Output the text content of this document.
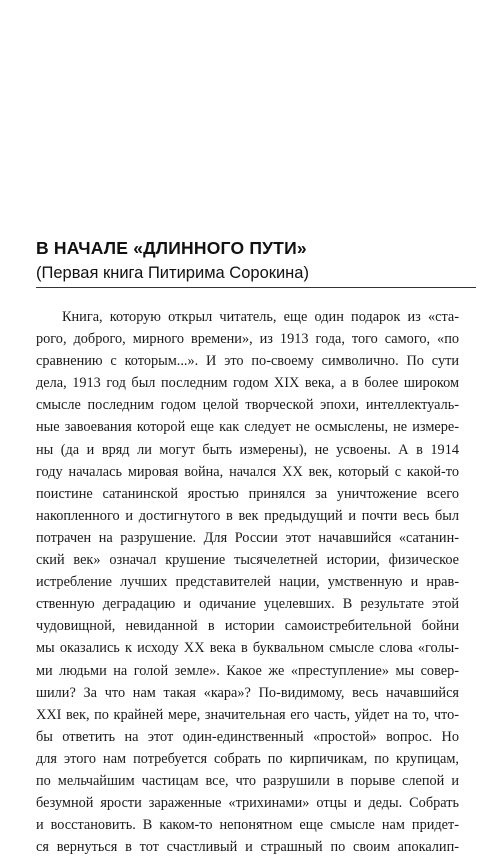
В НАЧАЛЕ «ДЛИННОГО ПУТИ»
(Первая книга Питирима Сорокина)
Книга, которую открыл читатель, еще один подарок из «ста-
рого, доброго, мирного времени», из 1913 года, того самого, «по
сравнению с которым...». И это по-своему символично. По сути
дела, 1913 год был последним годом XIX века, а в более широком
смысле последним годом целой творческой эпохи, интеллектуаль-
ные завоевания которой еще как следует не осмыслены, не измере-
ны (да и вряд ли могут быть измерены), не усвоены. А в 1914
году началась мировая война, начался XX век, который с какой-то
поистине сатанинской яростью принялся за уничтожение всего
накопленного и достигнутого в век предыдущий и почти весь был
потрачен на разрушение. Для России этот начавшийся «сатанин-
ский век» означал крушение тысячелетней истории, физическое
истребление лучших представителей нации, умственную и нрав-
ственную деградацию и одичание уцелевших. В результате этой
чудовищной, невиданной в истории самоистребительной бойни
мы оказались к исходу XX века в буквальном смысле слова «голы-
ми людьми на голой земле». Какое же «преступление» мы совер-
шили? За что нам такая «кара»? По-видимому, весь начавшийся
XXI век, по крайней мере, значительная его часть, уйдет на то, что-
бы ответить на этот один-единственный «простой» вопрос. Но
для этого нам потребуется собрать по кирпичикам, по крупицам,
по мельчайшим частицам все, что разрушили в порыве слепой и
безумной ярости зараженные «трихинами» отцы и деды. Собрать
и восстановить. В каком-то непонятном еще смысле нам придет-
ся вернуться в тот счастливый и страшный по своим апокалип-
